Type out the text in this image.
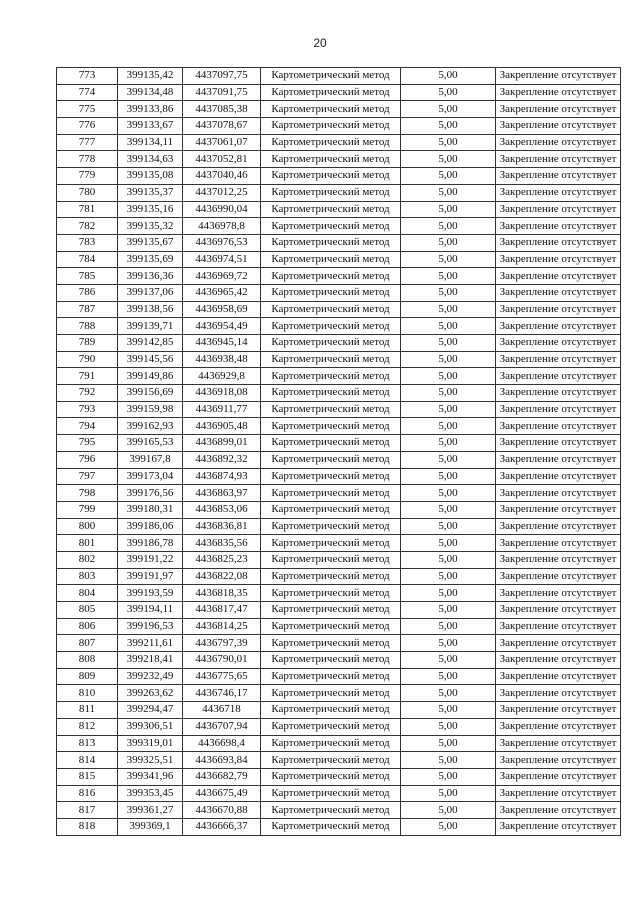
20
773	399135,42	4437097,75	Картометрический метод	5,00	Закрепление отсутствует
774	399134,48	4437091,75	Картометрический метод	5,00	Закрепление отсутствует
775	399133,86	4437085,38	Картометрический метод	5,00	Закрепление отсутствует
776	399133,67	4437078,67	Картометрический метод	5,00	Закрепление отсутствует
777	399134,11	4437061,07	Картометрический метод	5,00	Закрепление отсутствует
778	399134,63	4437052,81	Картометрический метод	5,00	Закрепление отсутствует
779	399135,08	4437040,46	Картометрический метод	5,00	Закрепление отсутствует
780	399135,37	4437012,25	Картометрический метод	5,00	Закрепление отсутствует
781	399135,16	4436990,04	Картометрический метод	5,00	Закрепление отсутствует
782	399135,32	4436978,8	Картометрический метод	5,00	Закрепление отсутствует
783	399135,67	4436976,53	Картометрический метод	5,00	Закрепление отсутствует
784	399135,69	4436974,51	Картометрический метод	5,00	Закрепление отсутствует
785	399136,36	4436969,72	Картометрический метод	5,00	Закрепление отсутствует
786	399137,06	4436965,42	Картометрический метод	5,00	Закрепление отсутствует
787	399138,56	4436958,69	Картометрический метод	5,00	Закрепление отсутствует
788	399139,71	4436954,49	Картометрический метод	5,00	Закрепление отсутствует
789	399142,85	4436945,14	Картометрический метод	5,00	Закрепление отсутствует
790	399145,56	4436938,48	Картометрический метод	5,00	Закрепление отсутствует
791	399149,86	4436929,8	Картометрический метод	5,00	Закрепление отсутствует
792	399156,69	4436918,08	Картометрический метод	5,00	Закрепление отсутствует
793	399159,98	4436911,77	Картометрический метод	5,00	Закрепление отсутствует
794	399162,93	4436905,48	Картометрический метод	5,00	Закрепление отсутствует
795	399165,53	4436899,01	Картометрический метод	5,00	Закрепление отсутствует
796	399167,8	4436892,32	Картометрический метод	5,00	Закрепление отсутствует
797	399173,04	4436874,93	Картометрический метод	5,00	Закрепление отсутствует
798	399176,56	4436863,97	Картометрический метод	5,00	Закрепление отсутствует
799	399180,31	4436853,06	Картометрический метод	5,00	Закрепление отсутствует
800	399186,06	4436836,81	Картометрический метод	5,00	Закрепление отсутствует
801	399186,78	4436835,56	Картометрический метод	5,00	Закрепление отсутствует
802	399191,22	4436825,23	Картометрический метод	5,00	Закрепление отсутствует
803	399191,97	4436822,08	Картометрический метод	5,00	Закрепление отсутствует
804	399193,59	4436818,35	Картометрический метод	5,00	Закрепление отсутствует
805	399194,11	4436817,47	Картометрический метод	5,00	Закрепление отсутствует
806	399196,53	4436814,25	Картометрический метод	5,00	Закрепление отсутствует
807	399211,61	4436797,39	Картометрический метод	5,00	Закрепление отсутствует
808	399218,41	4436790,01	Картометрический метод	5,00	Закрепление отсутствует
809	399232,49	4436775,65	Картометрический метод	5,00	Закрепление отсутствует
810	399263,62	4436746,17	Картометрический метод	5,00	Закрепление отсутствует
811	399294,47	4436718	Картометрический метод	5,00	Закрепление отсутствует
812	399306,51	4436707,94	Картометрический метод	5,00	Закрепление отсутствует
813	399319,01	4436698,4	Картометрический метод	5,00	Закрепление отсутствует
814	399325,51	4436693,84	Картометрический метод	5,00	Закрепление отсутствует
815	399341,96	4436682,79	Картометрический метод	5,00	Закрепление отсутствует
816	399353,45	4436675,49	Картометрический метод	5,00	Закрепление отсутствует
817	399361,27	4436670,88	Картометрический метод	5,00	Закрепление отсутствует
818	399369,1	4436666,37	Картометрический метод	5,00	Закрепление отсутствует
